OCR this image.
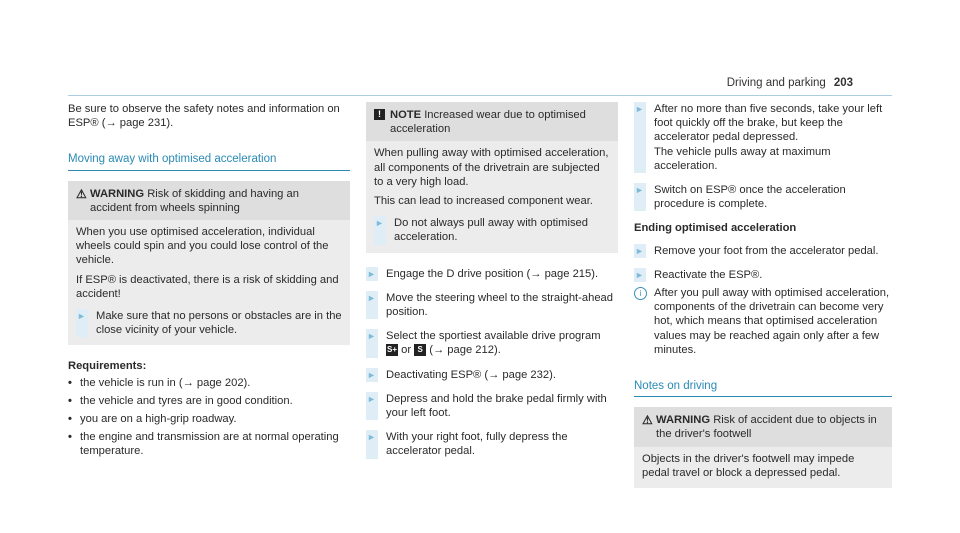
Driving and parking 203

Be sure to observe the safety notes and information on ESP® (→ page 231).

Moving away with optimised acceleration
⚠ WARNING Risk of skidding and having an accident from wheels spinning

When you use optimised acceleration, individual wheels could spin and you could lose control of the vehicle.

If ESP® is deactivated, there is a risk of skidding and accident!

► Make sure that no persons or obstacles are in the close vicinity of your vehicle.
Requirements:
• the vehicle is run in (→ page 202).
• the vehicle and tyres are in good condition.
• you are on a high-grip roadway.
• the engine and transmission are at normal operating temperature.
! NOTE Increased wear due to optimised acceleration

When pulling away with optimised acceleration, all components of the drivetrain are subjected to a very high load.

This can lead to increased component wear.

► Do not always pull away with optimised acceleration.
► Engage the D drive position (→ page 215).
► Move the steering wheel to the straight-ahead position.
► Select the sportiest available drive program
S+ or S (→ page 212).
► Deactivating ESP® (→ page 232).
► Depress and hold the brake pedal firmly with your left foot.
► With your right foot, fully depress the accelerator pedal.
► After no more than five seconds, take your left foot quickly off the brake, but keep the accelerator pedal depressed.

The vehicle pulls away at maximum acceleration.

► Switch on ESP® once the acceleration procedure is complete.
Ending optimised acceleration
► Remove your foot from the accelerator pedal.
► Reactivate the ESP®.
i	After you pull away with optimised acceleration, components of the drivetrain can become very hot, which means that optimised acceleration values may be reached again only after a few minutes.
Notes on driving
⚠ WARNING Risk of accident due to objects in the driver's footwell

Objects in the driver's footwell may impede pedal travel or block a depressed pedal.
